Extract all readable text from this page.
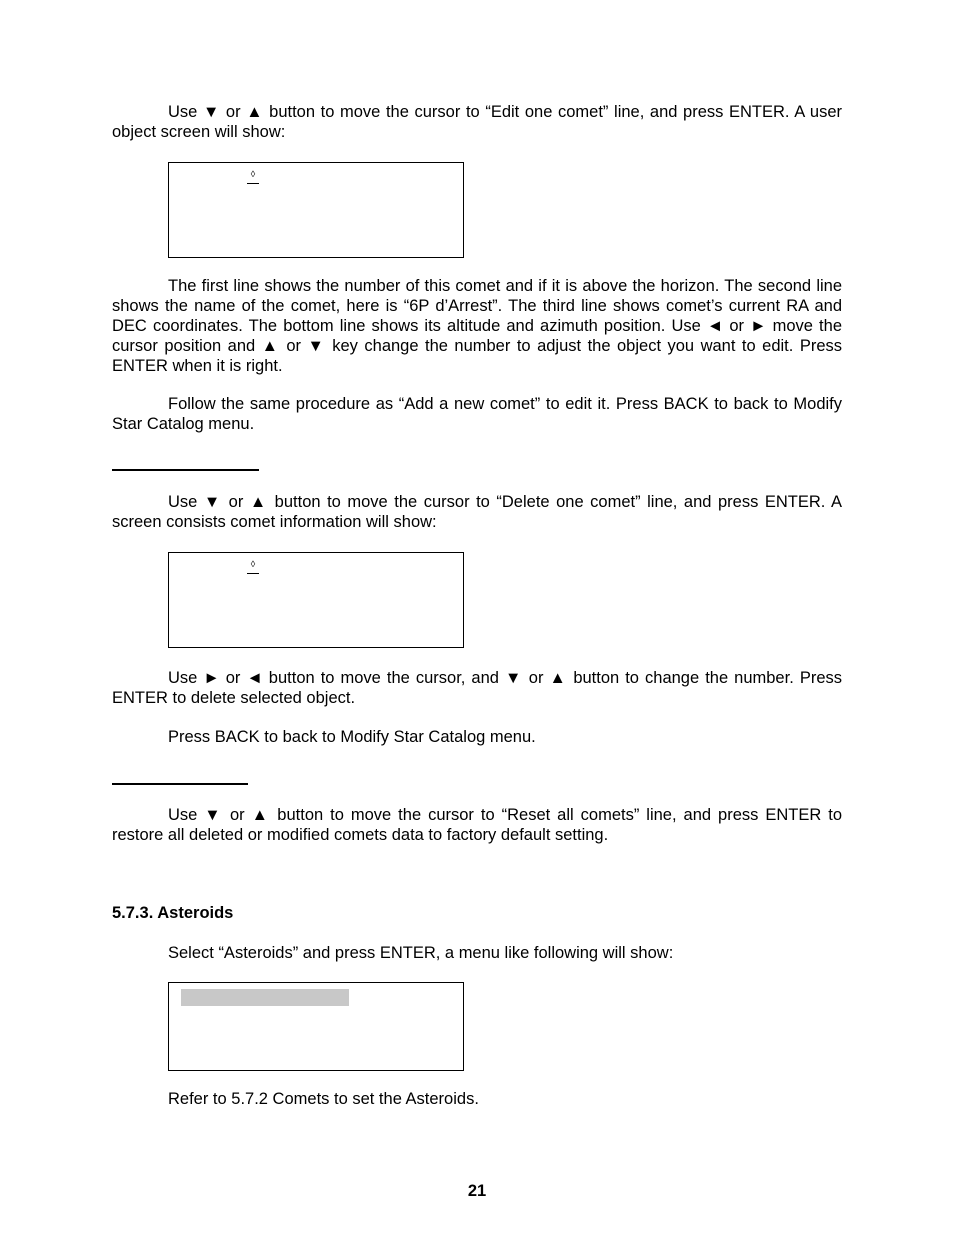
Use ▼ or ▲ button to move the cursor to “Edit one comet” line, and press ENTER. A user object screen will show:

◊

The first line shows the number of this comet and if it is above the horizon. The second line shows the name of the comet, here is “6P d’Arrest”. The third line shows comet’s current RA and DEC coordinates. The bottom line shows its altitude and azimuth position. Use ◄ or ► move the cursor position and ▲ or ▼ key change the number to adjust the object you want to edit. Press ENTER when it is right.

Follow the same procedure as “Add a new comet” to edit it. Press BACK to back to Modify Star Catalog menu.

Use ▼ or ▲ button to move the cursor to “Delete one comet” line, and press ENTER. A screen consists comet information will show:

◊

Use ► or ◄ button to move the cursor, and ▼ or ▲ button to change the number. Press ENTER to delete selected object.

Press BACK to back to Modify Star Catalog menu.

Use ▼ or ▲ button to move the cursor to “Reset all comets” line, and press ENTER to restore all deleted or modified comets data to factory default setting.

5.7.3. Asteroids

Select “Asteroids” and press ENTER, a menu like following will show:

Refer to 5.7.2 Comets to set the Asteroids.

21
